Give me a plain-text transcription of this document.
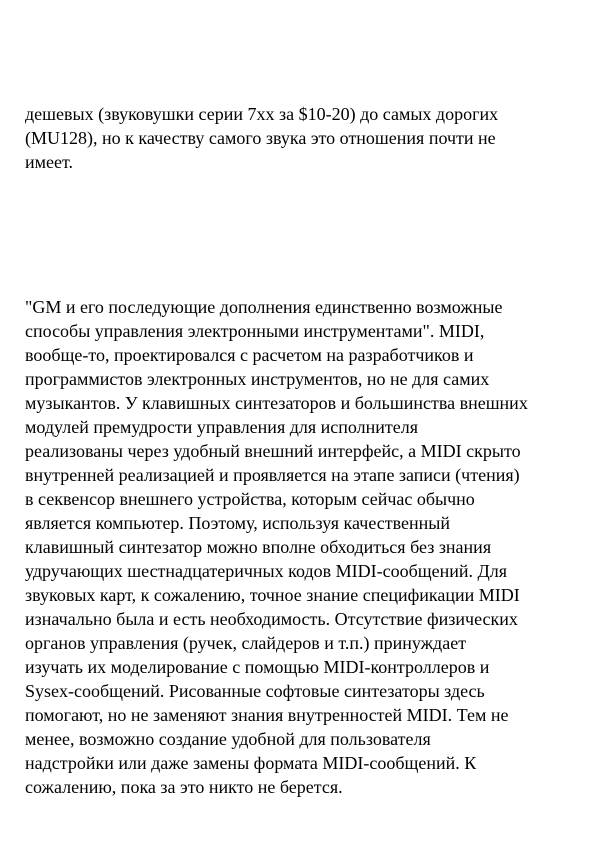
дешевых (звуковушки серии 7хх за $10-20) до самых дорогих

(MU128), но к качеству самого звука это отношения почти не

имеет.

"GM и его последующие дополнения единственно возможные

способы управления электронными инструментами". MIDI,

вообще-то, проектировался с расчетом на разработчиков и

программистов электронных инструментов, но не для самих

музыкантов. У клавишных синтезаторов и большинства внешних

модулей премудрости управления для исполнителя

реализованы через удобный внешний интерфейс, а MIDI скрыто

внутренней реализацией и проявляется на этапе записи (чтения)

в секвенсор внешнего устройства, которым сейчас обычно

является компьютер. Поэтому, используя качественный

клавишный синтезатор можно вполне обходиться без знания

удручающих шестнадцатеричных кодов MIDI-сообщений. Для

звуковых карт, к сожалению, точное знание спецификации MIDI

изначально была и есть необходимость. Отсутствие физических

органов управления (ручек, слайдеров и т.п.) принуждает

изучать их моделирование с помощью MIDI-контроллеров и

Sysex-сообщений. Рисованные софтовые синтезаторы здесь

помогают, но не заменяют знания внутренностей MIDI. Тем не

менее, возможно создание удобной для пользователя

надстройки или даже замены формата MIDI-сообщений. К

сожалению, пока за это никто не берется.
